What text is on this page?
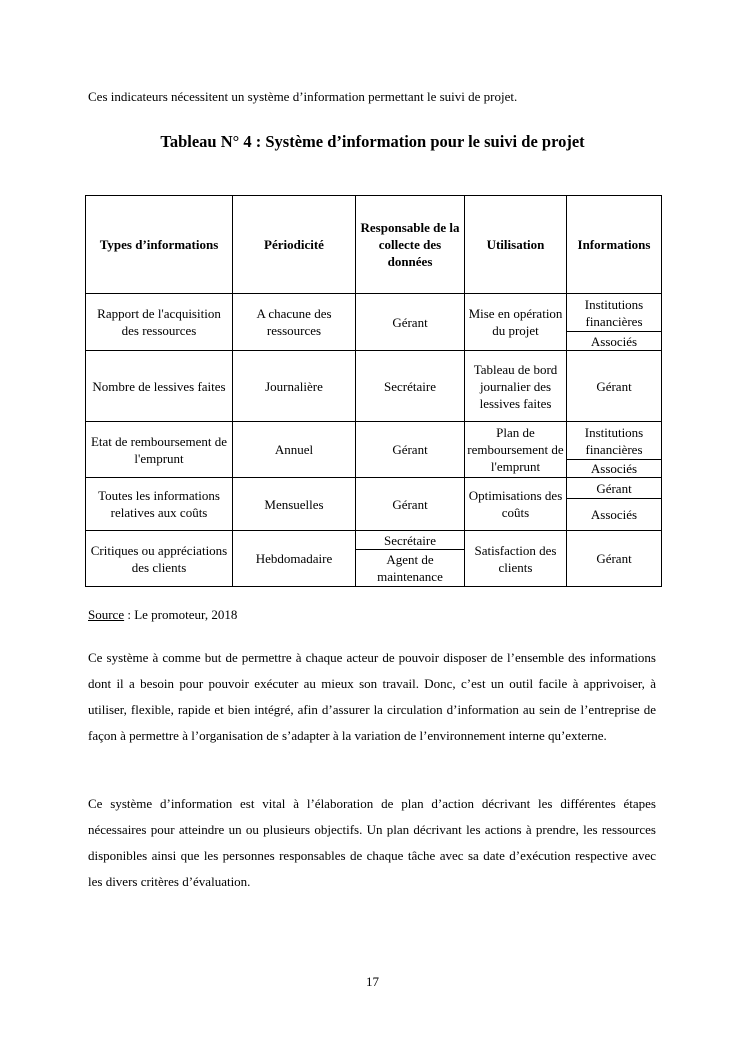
Ces indicateurs nécessitent un système d’information permettant le suivi de projet.
Tableau N° 4 : Système d’information pour le suivi de projet
Types d’informations	Périodicité	Responsable de la collecte des données	Utilisation	Informations
Rapport de l'acquisition des ressources	A chacune des ressources	Gérant	Mise en opération du projet	Institutions financières
				Associés
Nombre de lessives faites	Journalière	Secrétaire	Tableau de bord journalier des lessives faites	Gérant
Etat de remboursement de l'emprunt	Annuel	Gérant	Plan de remboursement de l'emprunt	Institutions financières
				Associés
Toutes les informations relatives aux coûts	Mensuelles	Gérant	Optimisations des coûts	Gérant
				Associés
Critiques ou appréciations des clients	Hebdomadaire	Secrétaire	Satisfaction des clients	Gérant
		Agent de maintenance		
Source : Le promoteur, 2018

Ce système à comme but de permettre à chaque acteur de pouvoir disposer de l’ensemble des informations dont il a besoin pour pouvoir exécuter au mieux son travail. Donc, c’est un outil facile à apprivoiser, à utiliser, flexible, rapide et bien intégré, afin d’assurer la circulation d’information au sein de l’entreprise de façon à permettre à l’organisation de s’adapter à la variation de l’environnement interne qu’externe.

Ce système d’information est vital à l’élaboration de plan d’action décrivant les différentes étapes nécessaires pour atteindre un ou plusieurs objectifs. Un plan décrivant les actions à prendre, les ressources disponibles ainsi que les personnes responsables de chaque tâche avec sa date d’exécution respective avec les divers critères d’évaluation.

17
